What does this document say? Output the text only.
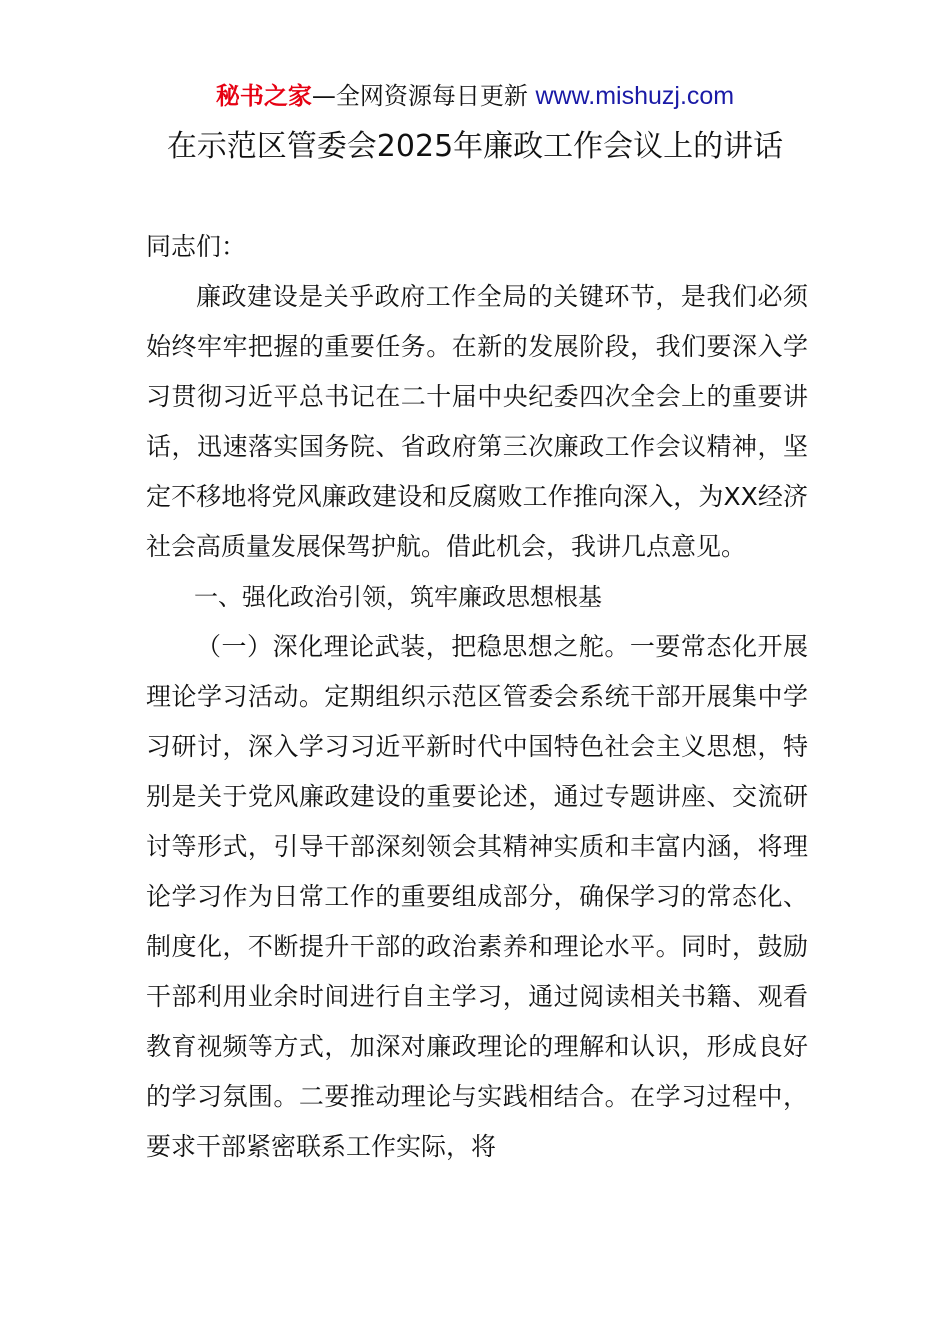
秘书之家—全网资源每日更新 www.mishuzj.com
在示范区管委会2025年廉政工作会议上的讲话

同志们：

廉政建设是关乎政府工作全局的关键环节，是我们必须始终牢牢把握的重要任务。在新的发展阶段，我们要深入学习贯彻习近平总书记在二十届中央纪委四次全会上的重要讲话，迅速落实国务院、省政府第三次廉政工作会议精神，坚定不移地将党风廉政建设和反腐败工作推向深入，为XX经济社会高质量发展保驾护航。借此机会，我讲几点意见。

一、强化政治引领，筑牢廉政思想根基

（一）深化理论武装，把稳思想之舵。一要常态化开展理论学习活动。定期组织示范区管委会系统干部开展集中学习研讨，深入学习习近平新时代中国特色社会主义思想，特别是关于党风廉政建设的重要论述，通过专题讲座、交流研讨等形式，引导干部深刻领会其精神实质和丰富内涵，将理论学习作为日常工作的重要组成部分，确保学习的常态化、制度化，不断提升干部的政治素养和理论水平。同时，鼓励干部利用业余时间进行自主学习，通过阅读相关书籍、观看教育视频等方式，加深对廉政理论的理解和认识，形成良好的学习氛围。二要推动理论与实践相结合。在学习过程中，要求干部紧密联系工作实际，将
